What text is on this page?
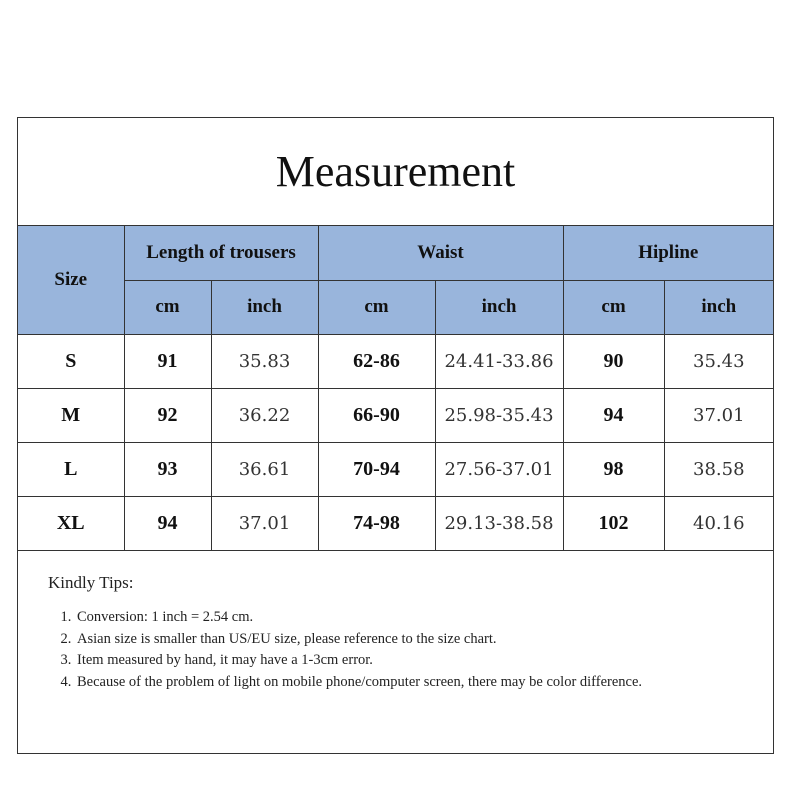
Measurement
Size	Length of trousers		Waist		Hipline	
	cm	inch	cm	inch	cm	inch
S	91	35.83	62-86	24.41-33.86	90	35.43
M	92	36.22	66-90	25.98-35.43	94	37.01
L	93	36.61	70-94	27.56-37.01	98	38.58
XL	94	37.01	74-98	29.13-38.58	102	40.16
Kindly Tips:
1. Conversion: 1 inch = 2.54 cm.
2. Asian size is smaller than US/EU size, please reference to the size chart.
3. Item measured by hand, it may have a 1-3cm error.
4. Because of the problem of light on mobile phone/computer screen, there may be color difference.
